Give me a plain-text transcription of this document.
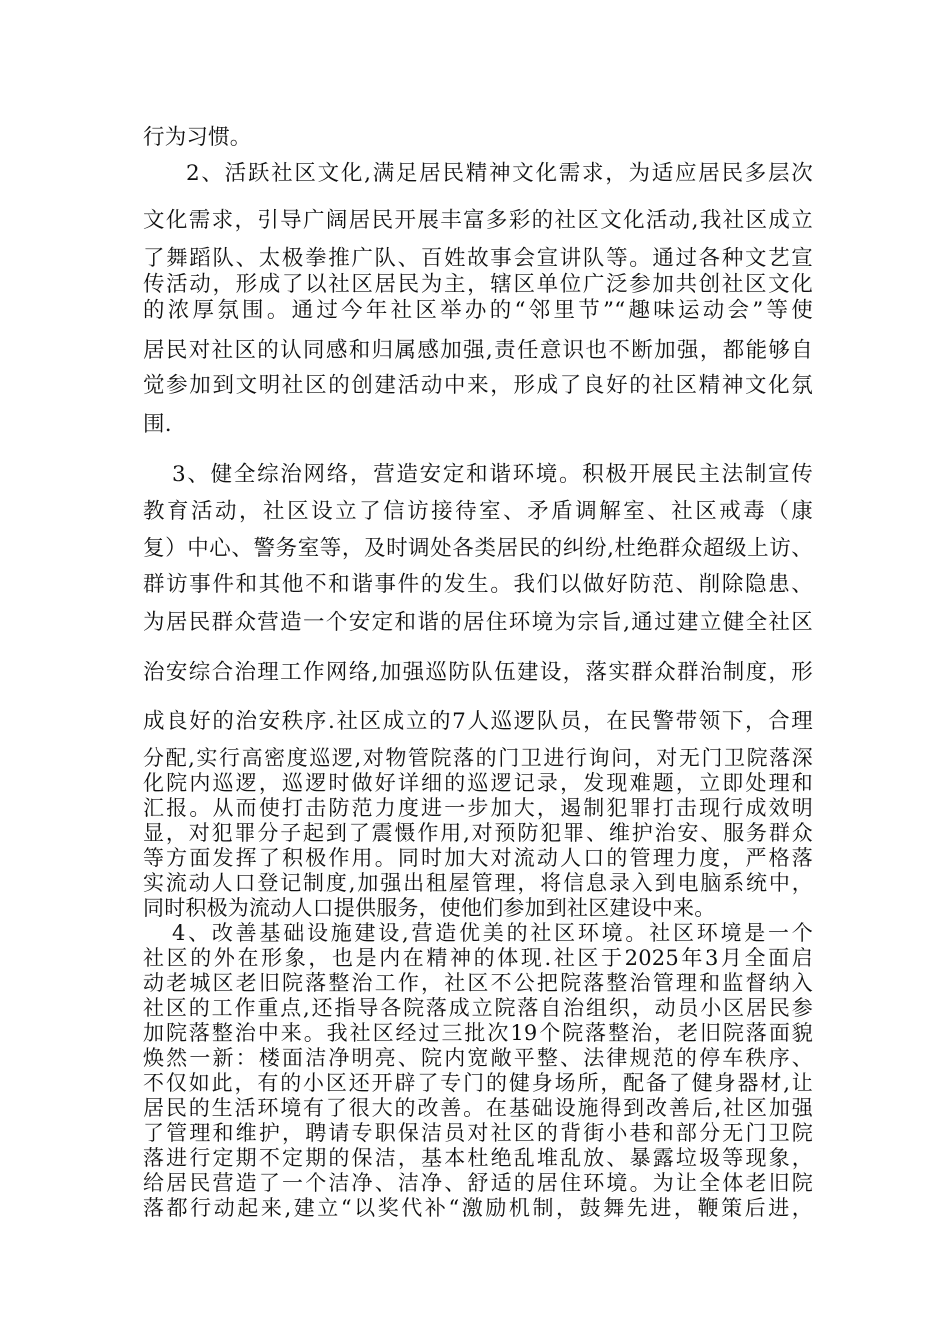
行为习惯。
2、活跃社区文化,满足居民精神文化需求，为适应居民多层次
文化需求，引导广阔居民开展丰富多彩的社区文化活动,我社区成立
了舞蹈队、太极拳推广队、百姓故事会宣讲队等。通过各种文艺宣
传活动，形成了以社区居民为主，辖区单位广泛参加共创社区文化
的浓厚氛围。通过今年社区举办的“邻里节”“趣味运动会”等使
居民对社区的认同感和归属感加强,责任意识也不断加强，都能够自
觉参加到文明社区的创建活动中来，形成了良好的社区精神文化氛
围.
3、健全综治网络，营造安定和谐环境。积极开展民主法制宣传
教育活动，社区设立了信访接待室、矛盾调解室、社区戒毒（康
复）中心、警务室等，及时调处各类居民的纠纷,杜绝群众超级上访、
群访事件和其他不和谐事件的发生。我们以做好防范、削除隐患、
为居民群众营造一个安定和谐的居住环境为宗旨,通过建立健全社区
治安综合治理工作网络,加强巡防队伍建设，落实群众群治制度，形
成良好的治安秩序.社区成立的7人巡逻队员，在民警带领下，合理
分配,实行高密度巡逻,对物管院落的门卫进行询问，对无门卫院落深
化院内巡逻，巡逻时做好详细的巡逻记录，发现难题，立即处理和
汇报。从而使打击防范力度进一步加大，遏制犯罪打击现行成效明
显，对犯罪分子起到了震慑作用,对预防犯罪、维护治安、服务群众
等方面发挥了积极作用。同时加大对流动人口的管理力度，严格落
实流动人口登记制度,加强出租屋管理，将信息录入到电脑系统中，
同时积极为流动人口提供服务，使他们参加到社区建设中来。
4、改善基础设施建设,营造优美的社区环境。社区环境是一个
社区的外在形象，也是内在精神的体现.社区于2025年3月全面启
动老城区老旧院落整治工作，社区不公把院落整治管理和监督纳入
社区的工作重点,还指导各院落成立院落自治组织，动员小区居民参
加院落整治中来。我社区经过三批次19个院落整治，老旧院落面貌
焕然一新：楼面洁净明亮、院内宽敞平整、法律规范的停车秩序、
不仅如此，有的小区还开辟了专门的健身场所，配备了健身器材,让
居民的生活环境有了很大的改善。在基础设施得到改善后,社区加强
了管理和维护，聘请专职保洁员对社区的背街小巷和部分无门卫院
落进行定期不定期的保洁，基本杜绝乱堆乱放、暴露垃圾等现象，
给居民营造了一个洁净、洁净、舒适的居住环境。为让全体老旧院
落都行动起来,建立“以奖代补“激励机制，鼓舞先进，鞭策后进，
